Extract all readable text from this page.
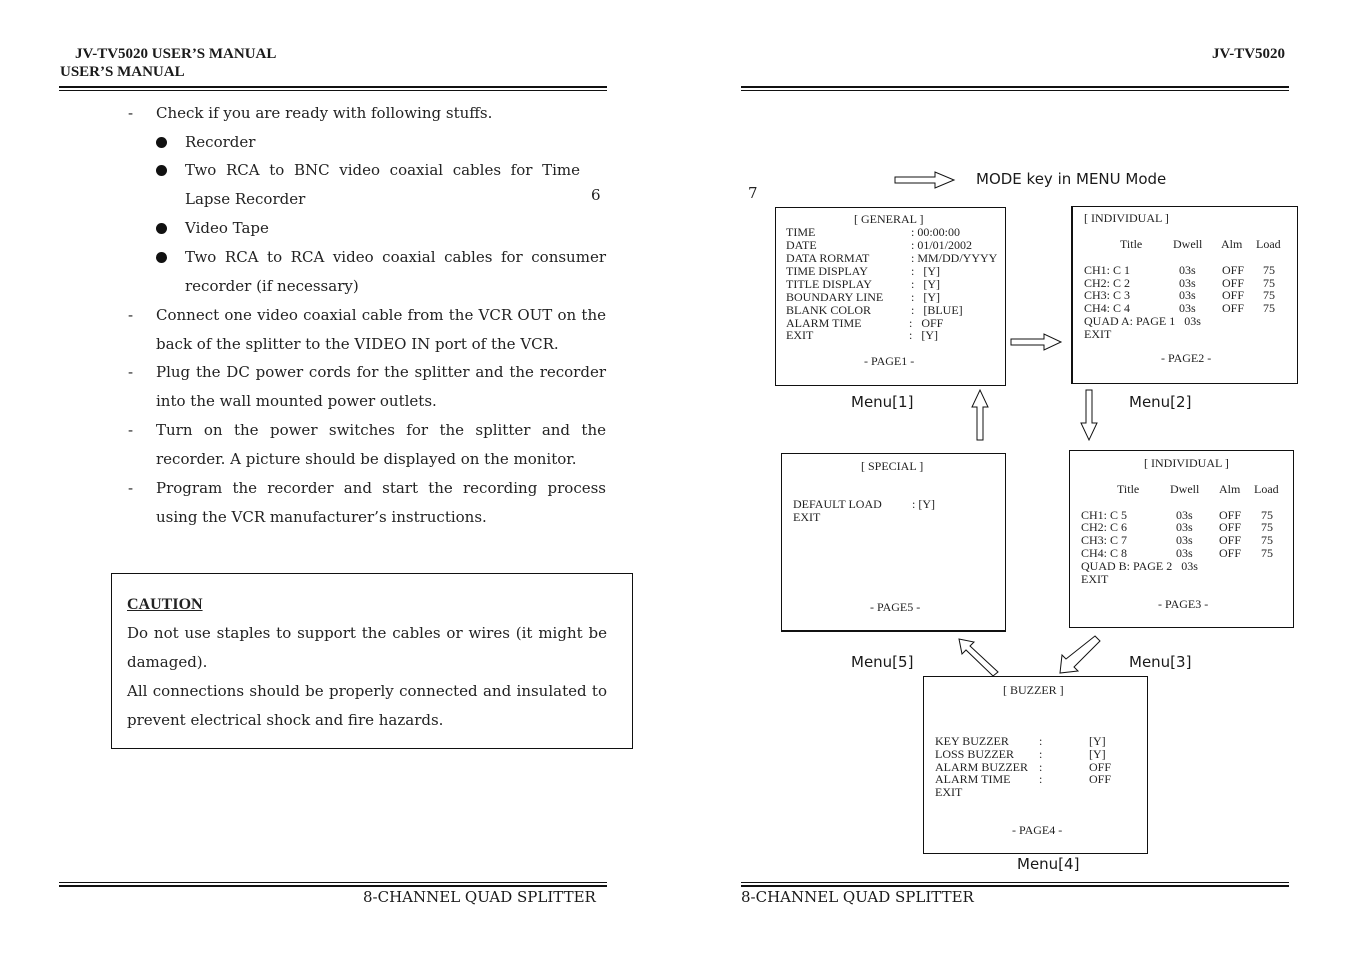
JV-TV5020 USER’S MANUAL
USER’S MANUAL
- Check if you are ready with following stuffs.
Recorder
Two RCA to BNC video coaxial cables for Time Lapse Recorder	6
Video Tape
Two RCA to RCA video coaxial cables for consumer recorder (if necessary)
- Connect one video coaxial cable from the VCR OUT on the back of the splitter to the VIDEO IN port of the VCR.
- Plug the DC power cords for the splitter and the recorder into the wall mounted power outlets.
- Turn on the power switches for the splitter and the recorder. A picture should be displayed on the monitor.
- Program the recorder and start the recording process using the VCR manufacturer’s instructions.
CAUTION
Do not use staples to support the cables or wires (it might be damaged).
All connections should be properly connected and insulated to prevent electrical shock and fire hazards.
8-CHANNEL QUAD SPLITTER
JV-TV5020
7
MODE key in MENU Mode
[ GENERAL ]
TIME	: 00:00:00
DATE	: 01/01/2002
DATA RORMAT	: MM/DD/YYYY
TIME DISPLAY	:   [Y]
TITLE DISPLAY	:   [Y]
BOUNDARY LINE :   [Y]
BLANK COLOR	:   [BLUE]
ALARM TIME	:   OFF
EXIT	:   [Y]
- PAGE1 -
Menu[1]
[ INDIVIDUAL ]
Title	Dwell Alm Load
CH1: C 1	03s OFF 75
CH2: C 2	03s OFF 75
CH3: C 3	03s OFF 75
CH4: C 4	03s OFF 75
QUAD A: PAGE 1   03s
EXIT
- PAGE2 -
Menu[2]
[ SPECIAL ]
DEFAULT LOAD	: [Y]
EXIT
- PAGE5 -
Menu[5]
[ INDIVIDUAL ]
Title	Dwell Alm Load
CH1: C 5	03s OFF 75
CH2: C 6	03s OFF 75
CH3: C 7	03s OFF 75
CH4: C 8	03s OFF 75
QUAD B: PAGE 2   03s
EXIT
- PAGE3 -
Menu[3]
[ BUZZER ]
KEY BUZZER	:	[Y]
LOSS BUZZER :	[Y]
ALARM BUZZER :	OFF
ALARM TIME :	OFF
EXIT
- PAGE4 -
Menu[4]
8-CHANNEL QUAD SPLITTER
